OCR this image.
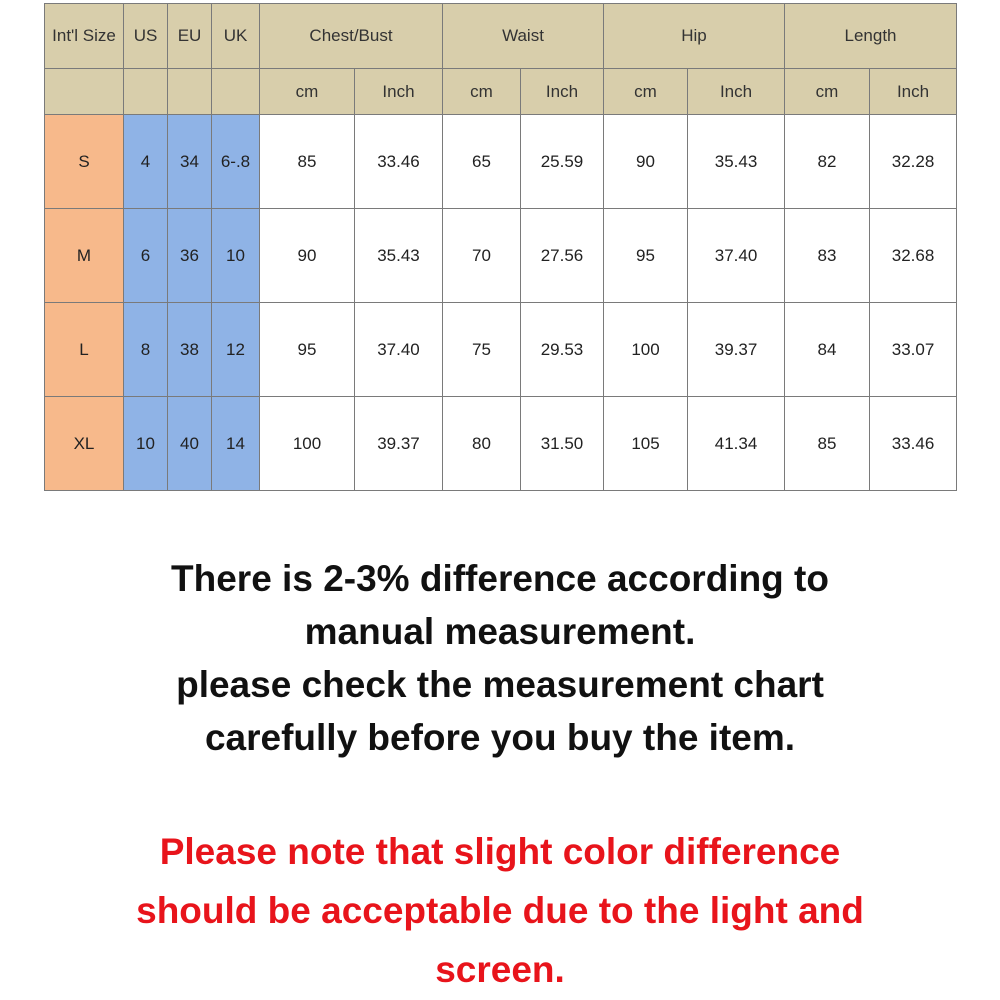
Int'l Size	US	EU	UK	Chest/Bust		Waist		Hip		Length	
				cm	Inch	cm	Inch	cm	Inch	cm	Inch
S	4	34	6-.8	85	33.46	65	25.59	90	35.43	82	32.28
M	6	36	10	90	35.43	70	27.56	95	37.40	83	32.68
L	8	38	12	95	37.40	75	29.53	100	39.37	84	33.07
XL	10	40	14	100	39.37	80	31.50	105	41.34	85	33.46
There is 2-3% difference according to
manual measurement.
please check the measurement chart
carefully before you buy the item.
Please note that slight color difference
should be acceptable due to the light and
screen.
